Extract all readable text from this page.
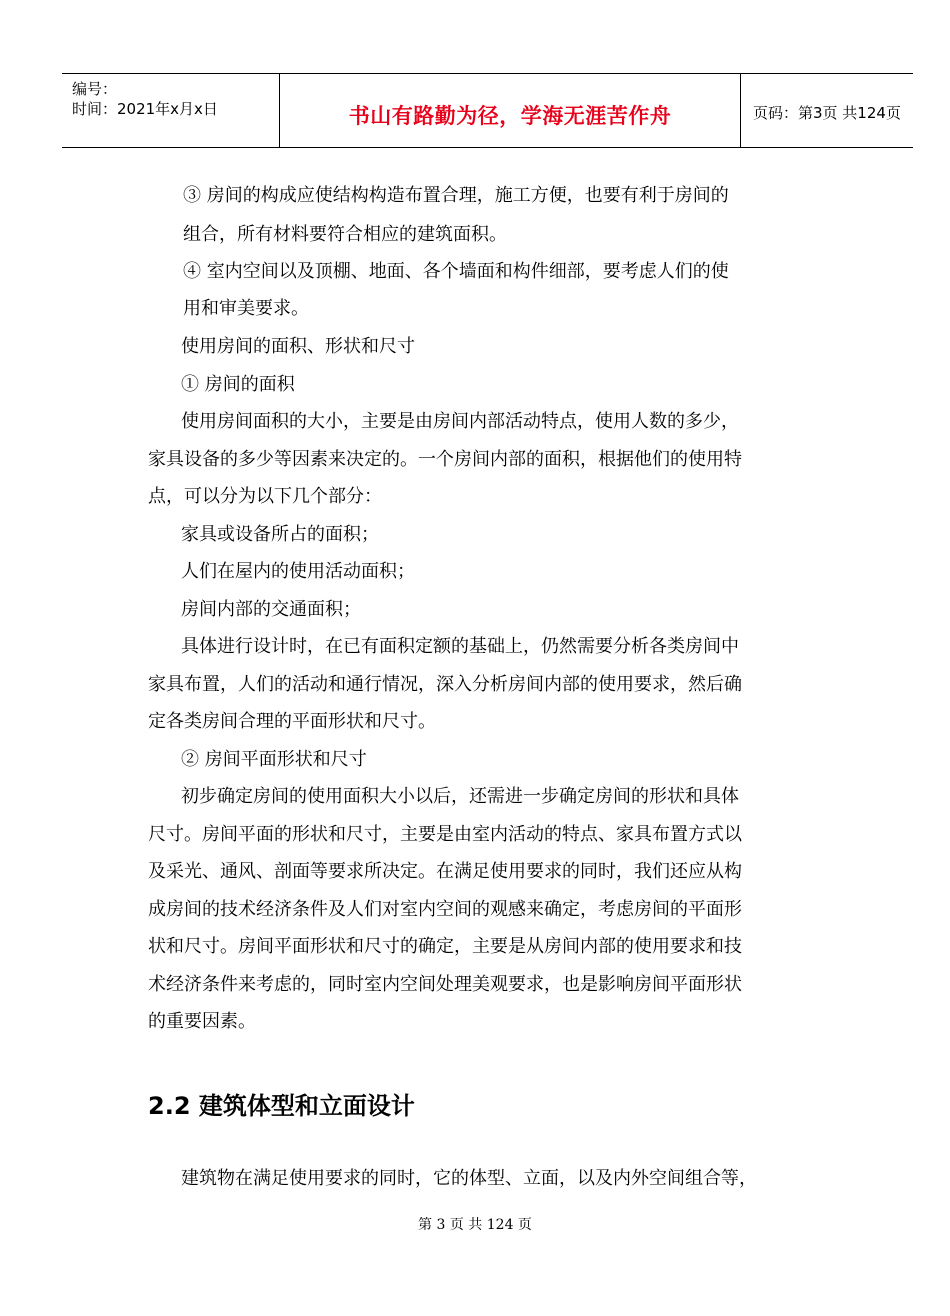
编号：
时间：2021年x月x日	书山有路勤为径，学海无涯苦作舟	页码：第3页 共124页
③ 房间的构成应使结构构造布置合理，施工方便，也要有利于房间的
组合，所有材料要符合相应的建筑面积。
④ 室内空间以及顶棚、地面、各个墙面和构件细部，要考虑人们的使
用和审美要求。
使用房间的面积、形状和尺寸
① 房间的面积
使用房间面积的大小，主要是由房间内部活动特点，使用人数的多少，
家具设备的多少等因素来决定的。一个房间内部的面积，根据他们的使用特
点，可以分为以下几个部分：
家具或设备所占的面积；
人们在屋内的使用活动面积；
房间内部的交通面积；
具体进行设计时，在已有面积定额的基础上，仍然需要分析各类房间中
家具布置，人们的活动和通行情况，深入分析房间内部的使用要求，然后确
定各类房间合理的平面形状和尺寸。
② 房间平面形状和尺寸
初步确定房间的使用面积大小以后，还需进一步确定房间的形状和具体
尺寸。房间平面的形状和尺寸，主要是由室内活动的特点、家具布置方式以
及采光、通风、剖面等要求所决定。在满足使用要求的同时，我们还应从构
成房间的技术经济条件及人们对室内空间的观感来确定，考虑房间的平面形
状和尺寸。房间平面形状和尺寸的确定，主要是从房间内部的使用要求和技
术经济条件来考虑的，同时室内空间处理美观要求，也是影响房间平面形状
的重要因素。
2.2 建筑体型和立面设计
建筑物在满足使用要求的同时，它的体型、立面，以及内外空间组合等，
第 3 页 共 124 页
